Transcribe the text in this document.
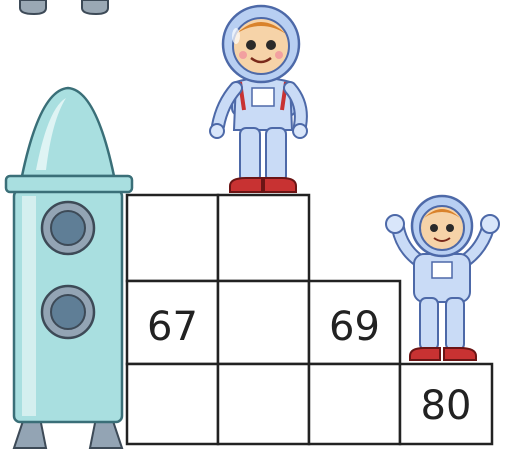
67	69
80
